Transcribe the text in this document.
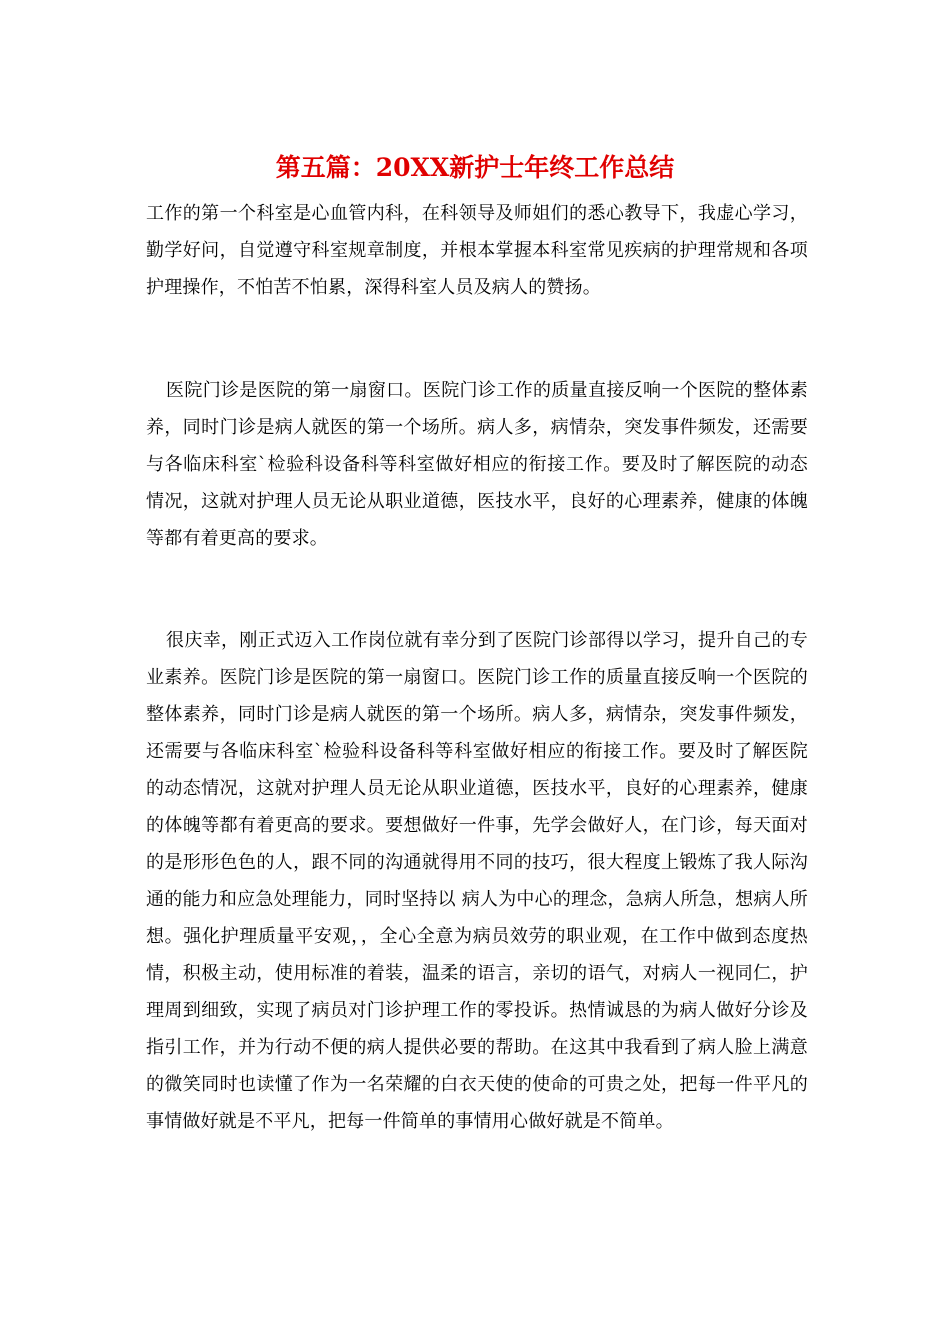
第五篇：20XX新护士年终工作总结

工作的第一个科室是心血管内科，在科领导及师姐们的悉心教导下，我虚心学习，勤学好问，自觉遵守科室规章制度，并根本掌握本科室常见疾病的护理常规和各项护理操作，不怕苦不怕累，深得科室人员及病人的赞扬。

医院门诊是医院的第一扇窗口。医院门诊工作的质量直接反响一个医院的整体素养，同时门诊是病人就医的第一个场所。病人多，病情杂，突发事件频发，还需要与各临床科室`检验科设备科等科室做好相应的衔接工作。要及时了解医院的动态情况，这就对护理人员无论从职业道德，医技水平，良好的心理素养，健康的体魄等都有着更高的要求。

很庆幸，刚正式迈入工作岗位就有幸分到了医院门诊部得以学习，提升自己的专业素养。医院门诊是医院的第一扇窗口。医院门诊工作的质量直接反响一个医院的整体素养，同时门诊是病人就医的第一个场所。病人多，病情杂，突发事件频发，还需要与各临床科室`检验科设备科等科室做好相应的衔接工作。要及时了解医院的动态情况，这就对护理人员无论从职业道德，医技水平，良好的心理素养，健康的体魄等都有着更高的要求。要想做好一件事，先学会做好人，在门诊，每天面对的是形形色色的人，跟不同的沟通就得用不同的技巧，很大程度上锻炼了我人际沟通的能力和应急处理能力，同时坚持以 病人为中心的理念，急病人所急，想病人所想。强化护理质量平安观，，全心全意为病员效劳的职业观，在工作中做到态度热情，积极主动，使用标准的着装，温柔的语言，亲切的语气，对病人一视同仁，护理周到细致，实现了病员对门诊护理工作的零投诉。热情诚恳的为病人做好分诊及指引工作，并为行动不便的病人提供必要的帮助。在这其中我看到了病人脸上满意的微笑同时也读懂了作为一名荣耀的白衣天使的使命的可贵之处，把每一件平凡的事情做好就是不平凡，把每一件简单的事情用心做好就是不简单。
